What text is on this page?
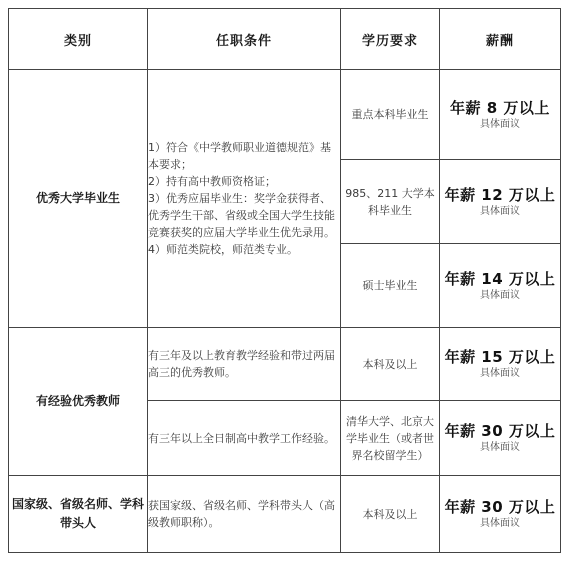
类别	任职条件	学历要求	薪酬
优秀大学毕业生	1）符合《中学教师职业道德规范》基本要求；
2）持有高中教师资格证；
3）优秀应届毕业生：奖学金获得者、优秀学生干部、省级或全国大学生技能竞赛获奖的应届大学毕业生优先录用。
4）师范类院校，师范类专业。	重点本科毕业生	年薪 8 万以上
具体面议

		985、211 大学本科毕业生	年薪 12 万以上
具体面议

		硕士毕业生	年薪 14 万以上
具体面议

有经验优秀教师	有三年及以上教育教学经验和带过两届高三的优秀教师。	本科及以上	年薪 15 万以上
具体面议

	有三年以上全日制高中教学工作经验。	清华大学、北京大学毕业生（或者世界名校留学生）	年薪 30 万以上
具体面议

国家级、省级名师、学科带头人	获国家级、省级名师、学科带头人（高级教师职称）。	本科及以上	年薪 30 万以上
具体面议
